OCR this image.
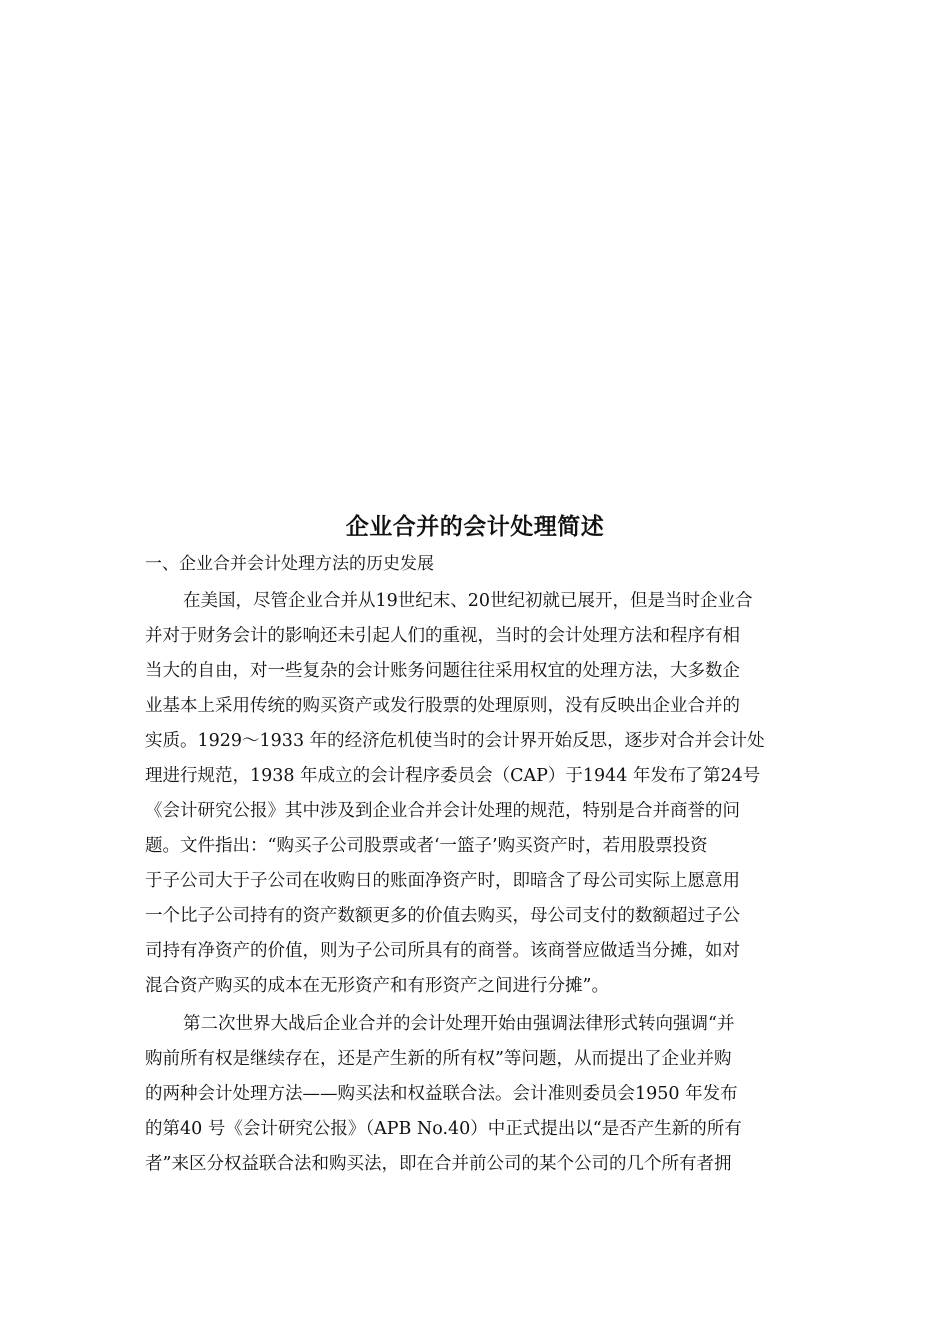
企业合并的会计处理简述
一、企业合并会计处理方法的历史发展
在美国，尽管企业合并从19世纪末、20世纪初就已展开，但是当时企业合
并对于财务会计的影响还未引起人们的重视，当时的会计处理方法和程序有相
当大的自由，对一些复杂的会计账务问题往往采用权宜的处理方法，大多数企
业基本上采用传统的购买资产或发行股票的处理原则，没有反映出企业合并的
实质。1929～1933 年的经济危机使当时的会计界开始反思，逐步对合并会计处
理进行规范，1938 年成立的会计程序委员会（CAP）于1944 年发布了第24号
《会计研究公报》其中涉及到企业合并会计处理的规范，特别是合并商誉的问
题。文件指出：“购买子公司股票或者‘一篮子’购买资产时，若用股票投资
于子公司大于子公司在收购日的账面净资产时，即暗含了母公司实际上愿意用
一个比子公司持有的资产数额更多的价值去购买，母公司支付的数额超过子公
司持有净资产的价值，则为子公司所具有的商誉。该商誉应做适当分摊，如对
混合资产购买的成本在无形资产和有形资产之间进行分摊”。
第二次世界大战后企业合并的会计处理开始由强调法律形式转向强调“并
购前所有权是继续存在，还是产生新的所有权”等问题，从而提出了企业并购
的两种会计处理方法——购买法和权益联合法。会计准则委员会1950 年发布
的第40 号《会计研究公报》（APB No.40）中正式提出以“是否产生新的所有
者”来区分权益联合法和购买法，即在合并前公司的某个公司的几个所有者拥
